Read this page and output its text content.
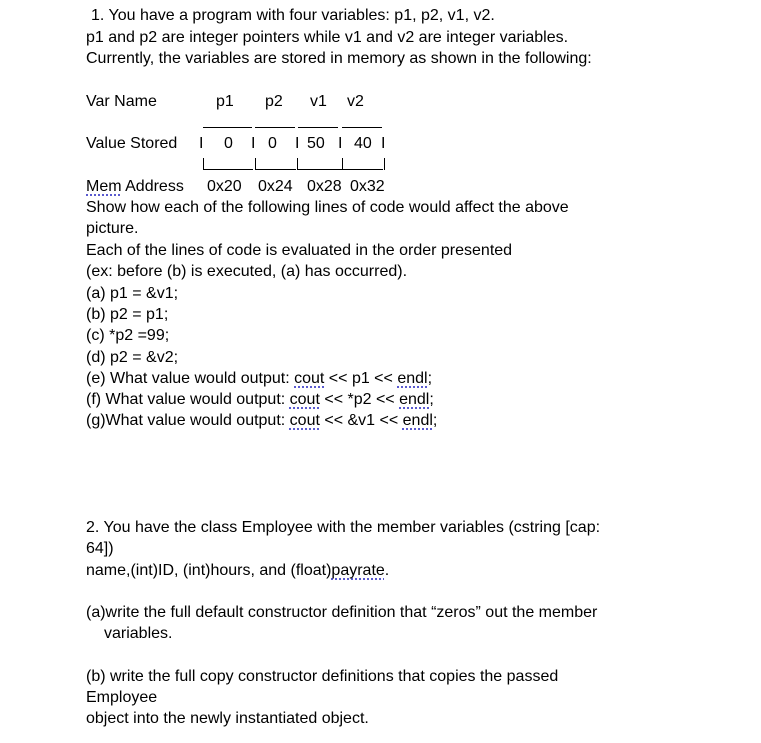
1. You have a program with four variables: p1, p2, v1, v2.
p1 and p2 are integer pointers while v1 and v2 are integer variables.
Currently, the variables are stored in memory as shown in the following:
Var Name	p1 p2 v1 v2
Value Stored I 0 I 0 I 50 I 40 I
Mem Address 0x20 0x24 0x28 0x32
Show how each of the following lines of code would affect the above
picture.
Each of the lines of code is evaluated in the order presented
(ex: before (b) is executed, (a) has occurred).
(a) p1 = &v1;
(b) p2 = p1;
(c) *p2 =99;
(d) p2 = &v2;
(e) What value would output: cout << p1 << endl;
(f) What value would output: cout << *p2 << endl;
(g)What value would output: cout << &v1 << endl;
2. You have the class Employee with the member variables (cstring [cap:
64])
name,(int)ID, (int)hours, and (float)payrate.
(a)write the full default constructor definition that “zeros” out the member
variables.
(b) write the full copy constructor definitions that copies the passed
Employee
object into the newly instantiated object.
